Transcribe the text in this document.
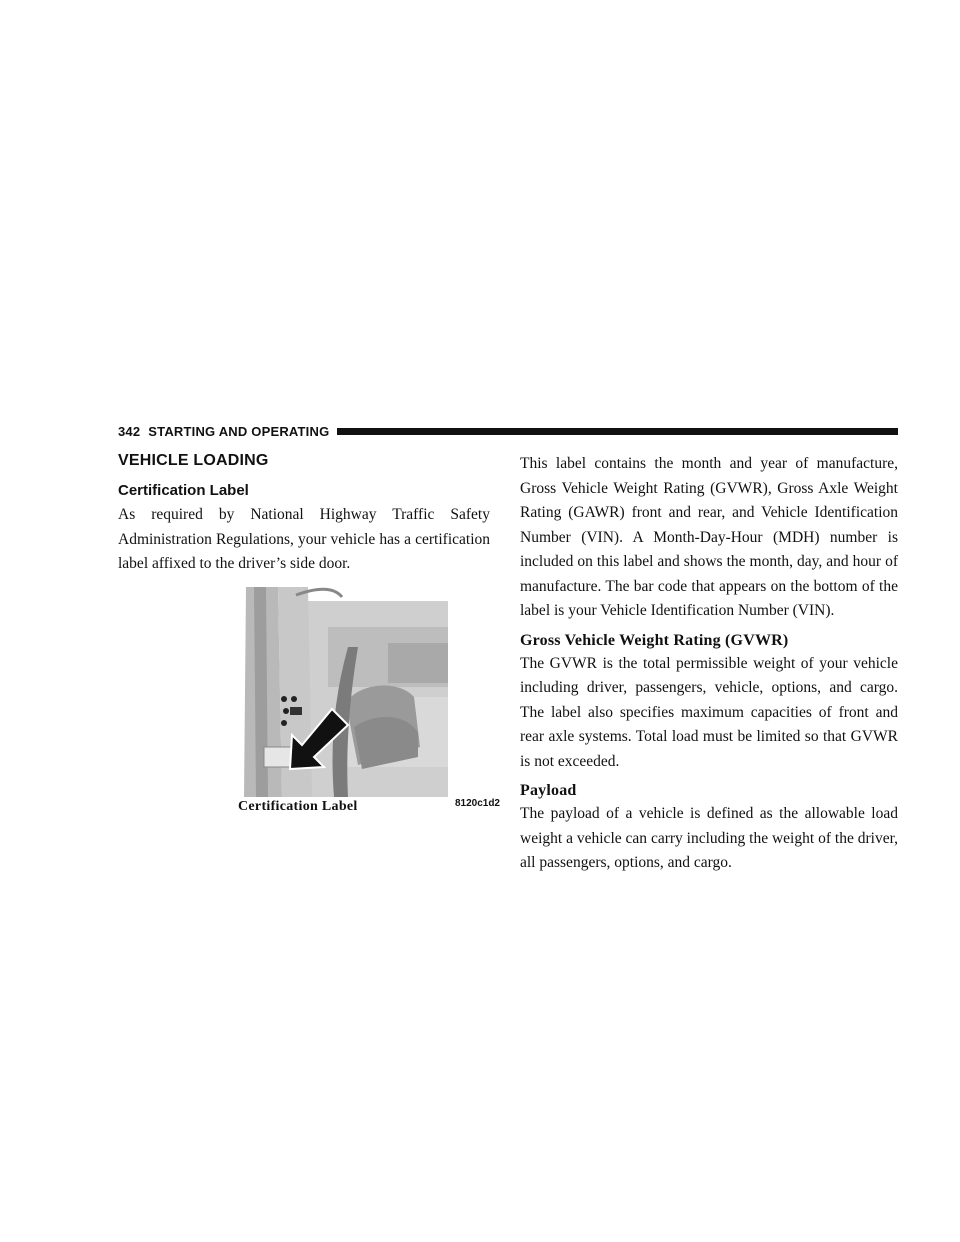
342 STARTING AND OPERATING
VEHICLE LOADING
Certification Label

As required by National Highway Traffic Safety Administration Regulations, your vehicle has a certification label affixed to the driver’s side door.

8120c1d2
Certification Label

This label contains the month and year of manufacture, Gross Vehicle Weight Rating (GVWR), Gross Axle Weight Rating (GAWR) front and rear, and Vehicle Identification Number (VIN). A Month-Day-Hour (MDH) number is included on this label and shows the month, day, and hour of manufacture. The bar code that appears on the bottom of the label is your Vehicle Identification Number (VIN).

Gross Vehicle Weight Rating (GVWR)

The GVWR is the total permissible weight of your vehicle including driver, passengers, vehicle, options, and cargo. The label also specifies maximum capacities of front and rear axle systems. Total load must be limited so that GVWR is not exceeded.

Payload

The payload of a vehicle is defined as the allowable load weight a vehicle can carry including the weight of the driver, all passengers, options, and cargo.
